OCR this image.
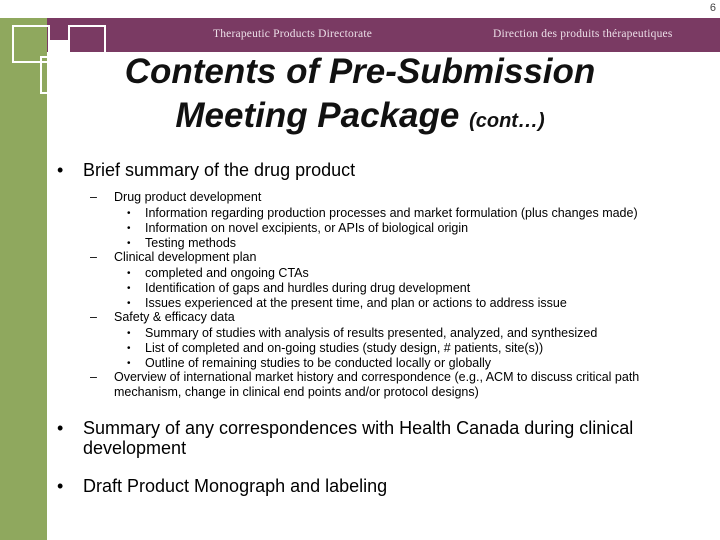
6
Therapeutic Products Directorate	Direction des produits thérapeutiques
Contents of Pre-Submission
Meeting Package (cont…)
• Brief summary of the drug product
– Drug product development
• Information regarding production processes and market formulation (plus changes made)
• Information on novel excipients, or APIs of biological origin
• Testing methods
– Clinical development plan
• completed and ongoing CTAs
• Identification of gaps and hurdles during drug development
• Issues experienced at the present time, and plan or actions to address issue
– Safety & efficacy data
• Summary of studies with analysis of results presented, analyzed, and synthesized
• List of completed and on-going studies (study design, # patients, site(s))
• Outline of remaining studies to be conducted locally or globally
– Overview of international market history and correspondence (e.g., ACM to discuss critical path mechanism, change in clinical end points and/or protocol designs)
• Summary of any correspondences with Health Canada during clinical development
• Draft Product Monograph and labeling
